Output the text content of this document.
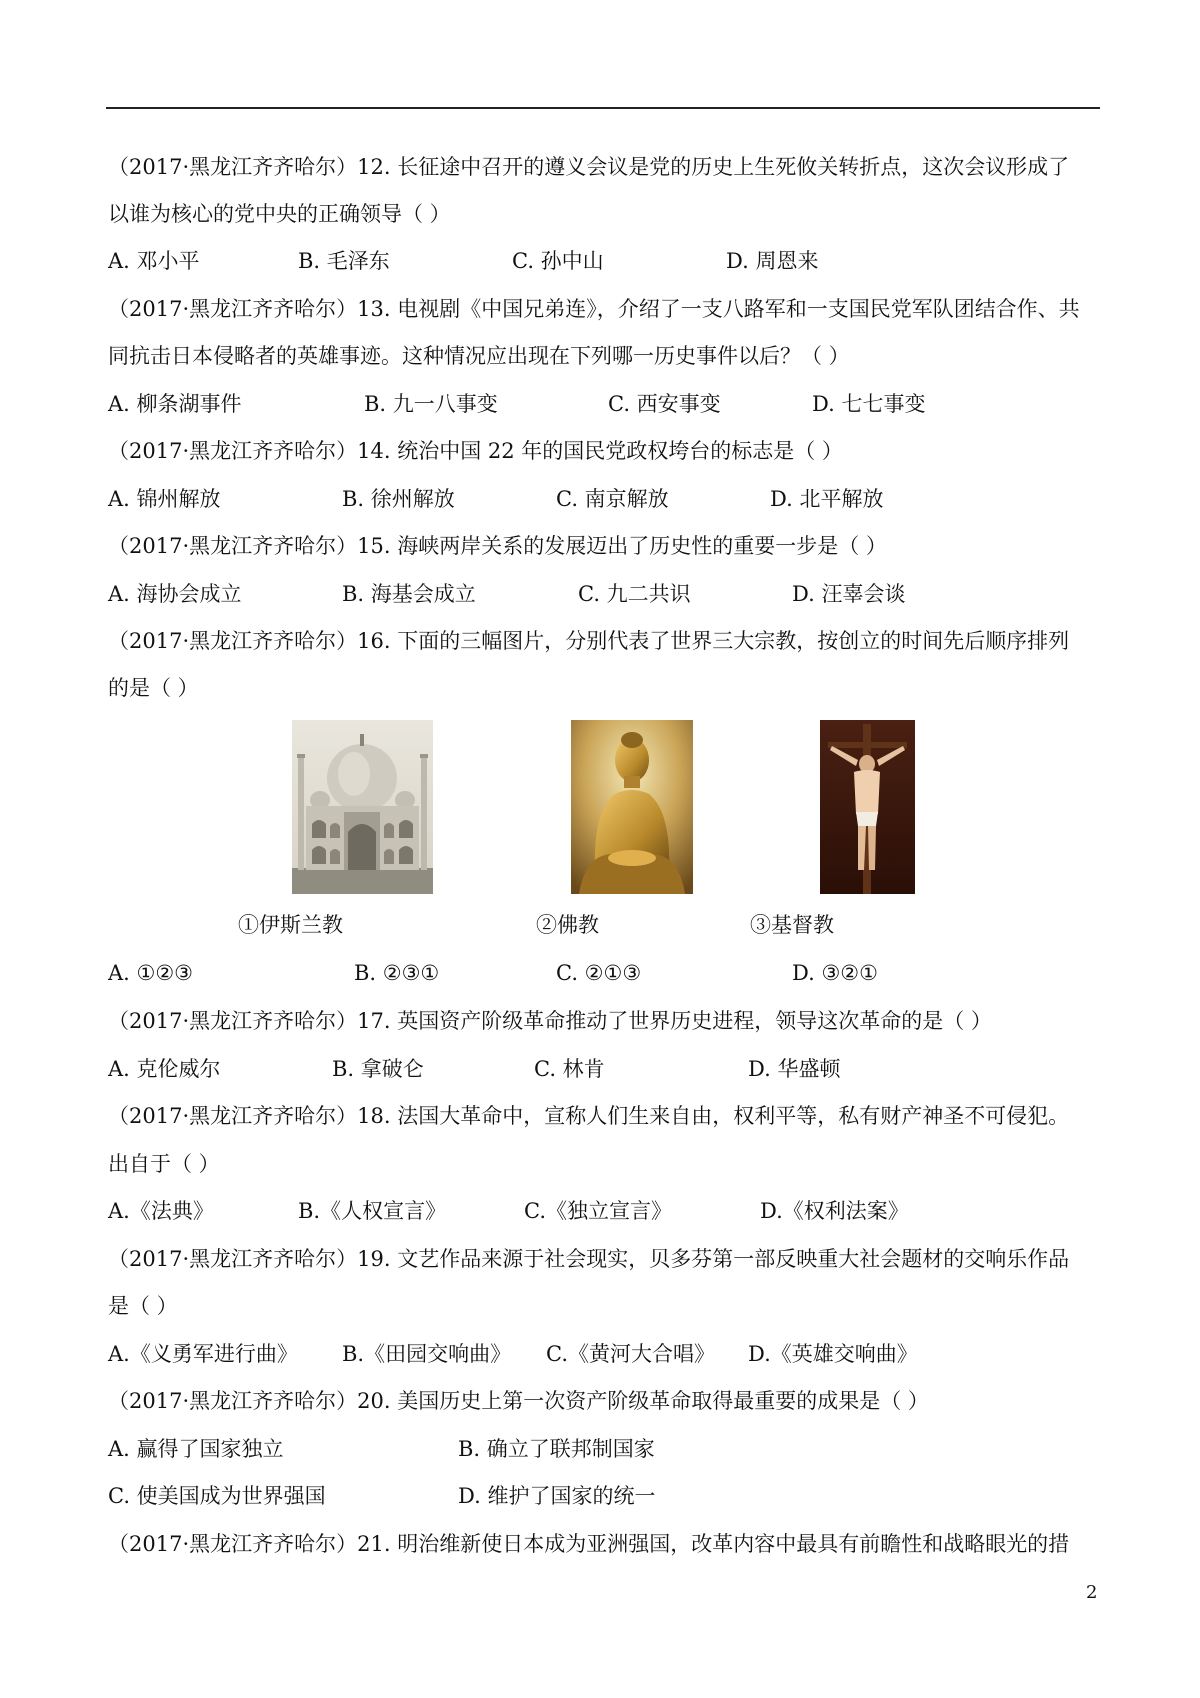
（2017·黑龙江齐齐哈尔）12. 长征途中召开的遵义会议是党的历史上生死攸关转折点，这次会议形成了
以谁为核心的党中央的正确领导（ ）
A. 邓小平	B. 毛泽东	C. 孙中山	D. 周恩来
（2017·黑龙江齐齐哈尔）13. 电视剧《中国兄弟连》，介绍了一支八路军和一支国民党军队团结合作、共
同抗击日本侵略者的英雄事迹。这种情况应出现在下列哪一历史事件以后？（ ）
A. 柳条湖事件	B. 九一八事变	C. 西安事变	D. 七七事变
（2017·黑龙江齐齐哈尔）14. 统治中国 22 年的国民党政权垮台的标志是（ ）
A. 锦州解放	B. 徐州解放	C. 南京解放	D. 北平解放
（2017·黑龙江齐齐哈尔）15. 海峡两岸关系的发展迈出了历史性的重要一步是（ ）
A. 海协会成立	B. 海基会成立	C. 九二共识	D. 汪辜会谈
（2017·黑龙江齐齐哈尔）16. 下面的三幅图片，分别代表了世界三大宗教，按创立的时间先后顺序排列
的是（ ）
①伊斯兰教	②佛教	③基督教
A. ①②③	B. ②③①	C. ②①③	D. ③②①
（2017·黑龙江齐齐哈尔）17. 英国资产阶级革命推动了世界历史进程，领导这次革命的是（ ）
A. 克伦威尔	B. 拿破仑	C. 林肯	D. 华盛顿
（2017·黑龙江齐齐哈尔）18. 法国大革命中，宣称人们生来自由，权利平等，私有财产神圣不可侵犯。
出自于（ ）
A.《法典》	B.《人权宣言》	C.《独立宣言》	D.《权利法案》
（2017·黑龙江齐齐哈尔）19. 文艺作品来源于社会现实，贝多芬第一部反映重大社会题材的交响乐作品
是（ ）
A.《义勇军进行曲》 B.《田园交响曲》 C.《黄河大合唱》 D.《英雄交响曲》
（2017·黑龙江齐齐哈尔）20. 美国历史上第一次资产阶级革命取得最重要的成果是（ ）
A. 赢得了国家独立	B. 确立了联邦制国家
C. 使美国成为世界强国	D. 维护了国家的统一
（2017·黑龙江齐齐哈尔）21. 明治维新使日本成为亚洲强国，改革内容中最具有前瞻性和战略眼光的措
2
